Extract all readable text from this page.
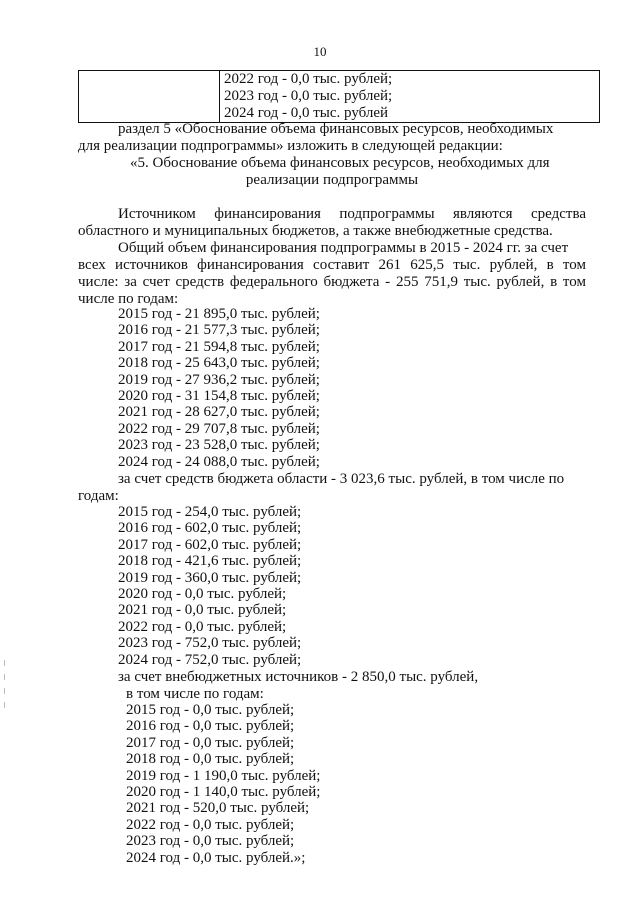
10

2022 год - 0,0 тыс. рублей;
2023 год - 0,0 тыс. рублей;
2024 год - 0,0 тыс. рублей
раздел 5 «Обоснование объема финансовых ресурсов, необходимых
для реализации подпрограммы» изложить в следующей редакции:
«5. Обоснование объема финансовых ресурсов, необходимых для
реализации подпрограммы
Источником финансирования подпрограммы являются средства
областного и муниципальных бюджетов, а также внебюджетные средства.
Общий объем финансирования подпрограммы в 2015 - 2024 гг. за счет
всех источников финансирования составит 261 625,5 тыс. рублей, в том
числе: за счет средств федерального бюджета - 255 751,9 тыс. рублей, в том
числе по годам:
2015 год - 21 895,0 тыс. рублей;
2016 год - 21 577,3 тыс. рублей;
2017 год - 21 594,8 тыс. рублей;
2018 год - 25 643,0 тыс. рублей;
2019 год - 27 936,2 тыс. рублей;
2020 год - 31 154,8 тыс. рублей;
2021 год - 28 627,0 тыс. рублей;
2022 год - 29 707,8 тыс. рублей;
2023 год - 23 528,0 тыс. рублей;
2024 год - 24 088,0 тыс. рублей;
за счет средств бюджета области - 3 023,6 тыс. рублей, в том числе по
годам:
2015 год - 254,0 тыс. рублей;
2016 год - 602,0 тыс. рублей;
2017 год - 602,0 тыс. рублей;
2018 год - 421,6 тыс. рублей;
2019 год - 360,0 тыс. рублей;
2020 год - 0,0 тыс. рублей;
2021 год - 0,0 тыс. рублей;
2022 год - 0,0 тыс. рублей;
2023 год - 752,0 тыс. рублей;
2024 год - 752,0 тыс. рублей;
за счет внебюджетных источников - 2 850,0 тыс. рублей,
в том числе по годам:
2015 год - 0,0 тыс. рублей;
2016 год - 0,0 тыс. рублей;
2017 год - 0,0 тыс. рублей;
2018 год - 0,0 тыс. рублей;
2019 год - 1 190,0 тыс. рублей;
2020 год - 1 140,0 тыс. рублей;
2021 год - 520,0 тыс. рублей;
2022 год - 0,0 тыс. рублей;
2023 год - 0,0 тыс. рублей;
2024 год - 0,0 тыс. рублей.»;
